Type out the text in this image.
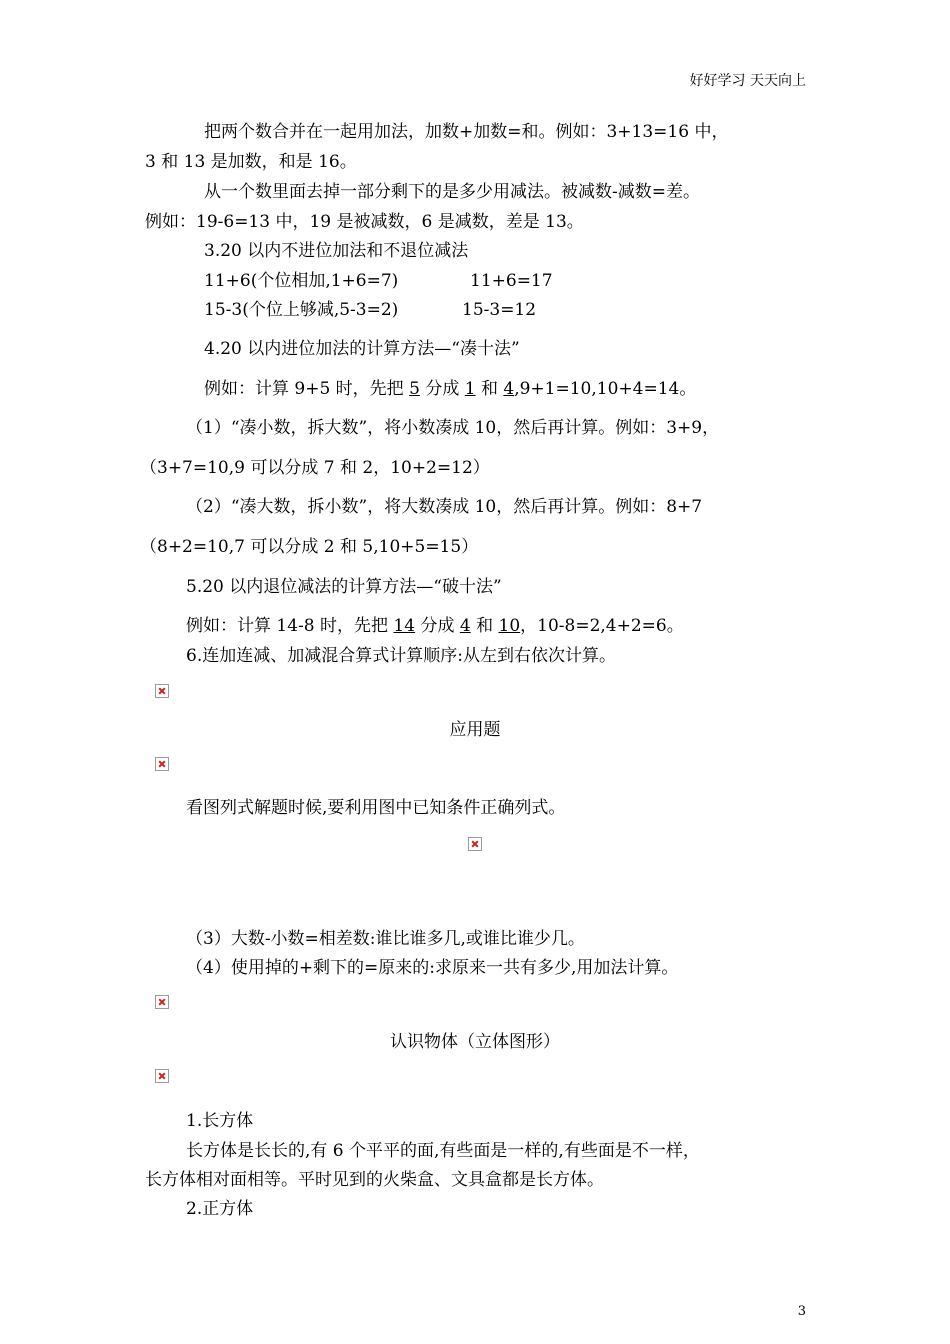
好好学习 天天向上
把两个数合并在一起用加法，加数+加数=和。例如：3+13=16 中，
3 和 13 是加数，和是 16。
从一个数里面去掉一部分剩下的是多少用减法。被减数-减数=差。
例如：19-6=13 中，19 是被减数，6 是减数，差是 13。
3.20 以内不进位加法和不退位减法
11+6(个位相加,1+6=7)	11+6=17
15-3(个位上够减,5-3=2)	15-3=12
4.20 以内进位加法的计算方法—“凑十法”
例如：计算 9+5 时，先把 5 分成 1 和 4,9+1=10,10+4=14。
（1）“凑小数，拆大数”，将小数凑成 10，然后再计算。例如：3+9，
（3+7=10,9 可以分成 7 和 2，10+2=12）
（2）“凑大数，拆小数”，将大数凑成 10，然后再计算。例如：8+7
（8+2=10,7 可以分成 2 和 5,10+5=15）
5.20 以内退位减法的计算方法—“破十法”
例如：计算 14-8 时，先把 14 分成 4 和 10，10-8=2,4+2=6。
6.连加连减、加减混合算式计算顺序:从左到右依次计算。
应用题
看图列式解题时候,要利用图中已知条件正确列式。
（3）大数-小数=相差数:谁比谁多几,或谁比谁少几。
（4）使用掉的+剩下的=原来的:求原来一共有多少,用加法计算。
认识物体（立体图形）
1.长方体
长方体是长长的,有 6 个平平的面,有些面是一样的,有些面是不一样，
长方体相对面相等。平时见到的火柴盒、文具盒都是长方体。
2.正方体
3
